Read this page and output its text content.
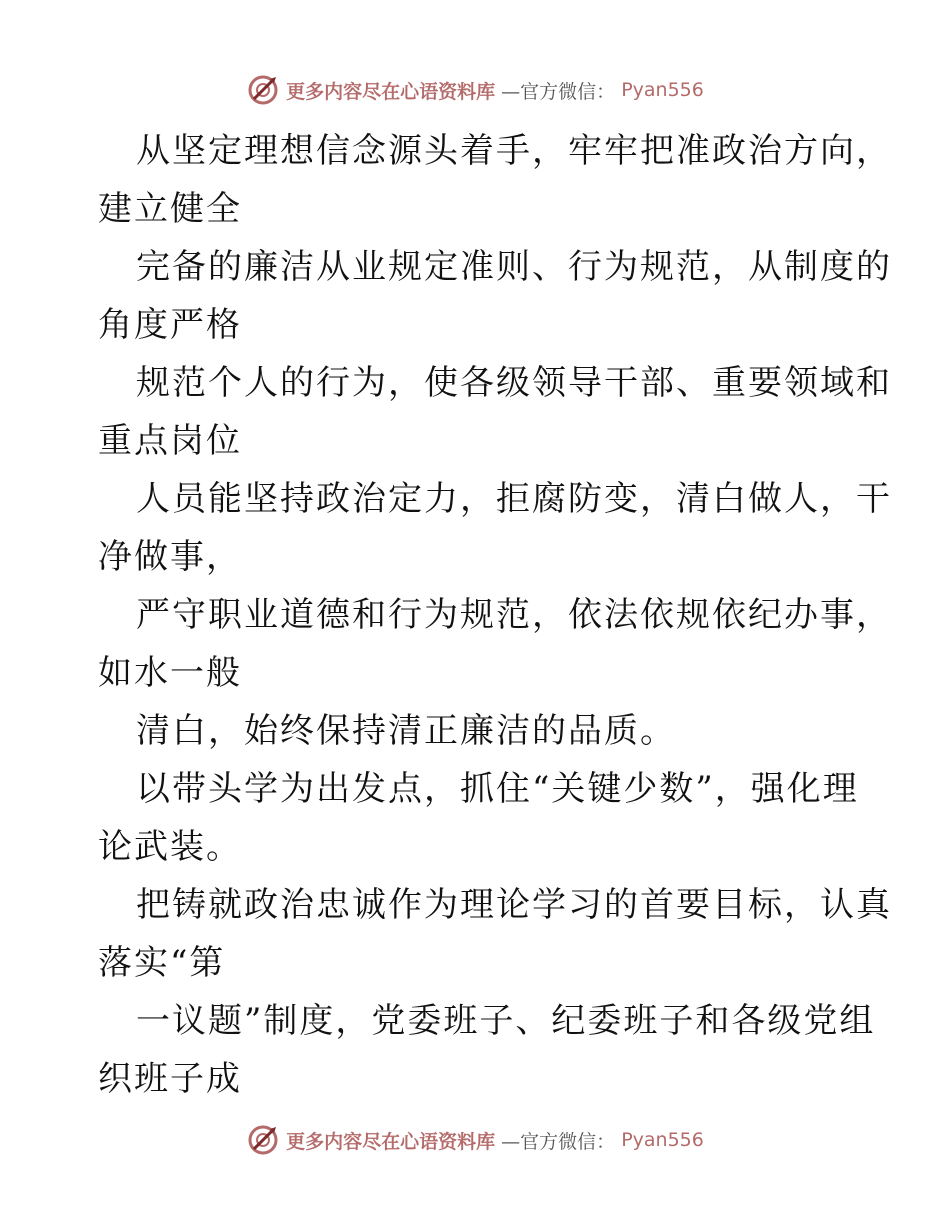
更多内容尽在心语资料库 —官方微信： Pyan556
从坚定理想信念源头着手，牢牢把准政治方向，
建立健全
完备的廉洁从业规定准则、行为规范，从制度的
角度严格
规范个人的行为，使各级领导干部、重要领域和
重点岗位
人员能坚持政治定力，拒腐防变，清白做人，干
净做事，
严守职业道德和行为规范，依法依规依纪办事，
如水一般
清白，始终保持清正廉洁的品质。
以带头学为出发点，抓住“关键少数”，强化理
论武装。
把铸就政治忠诚作为理论学习的首要目标，认真
落实“第
一议题”制度，党委班子、纪委班子和各级党组
织班子成
更多内容尽在心语资料库 —官方微信： Pyan556
